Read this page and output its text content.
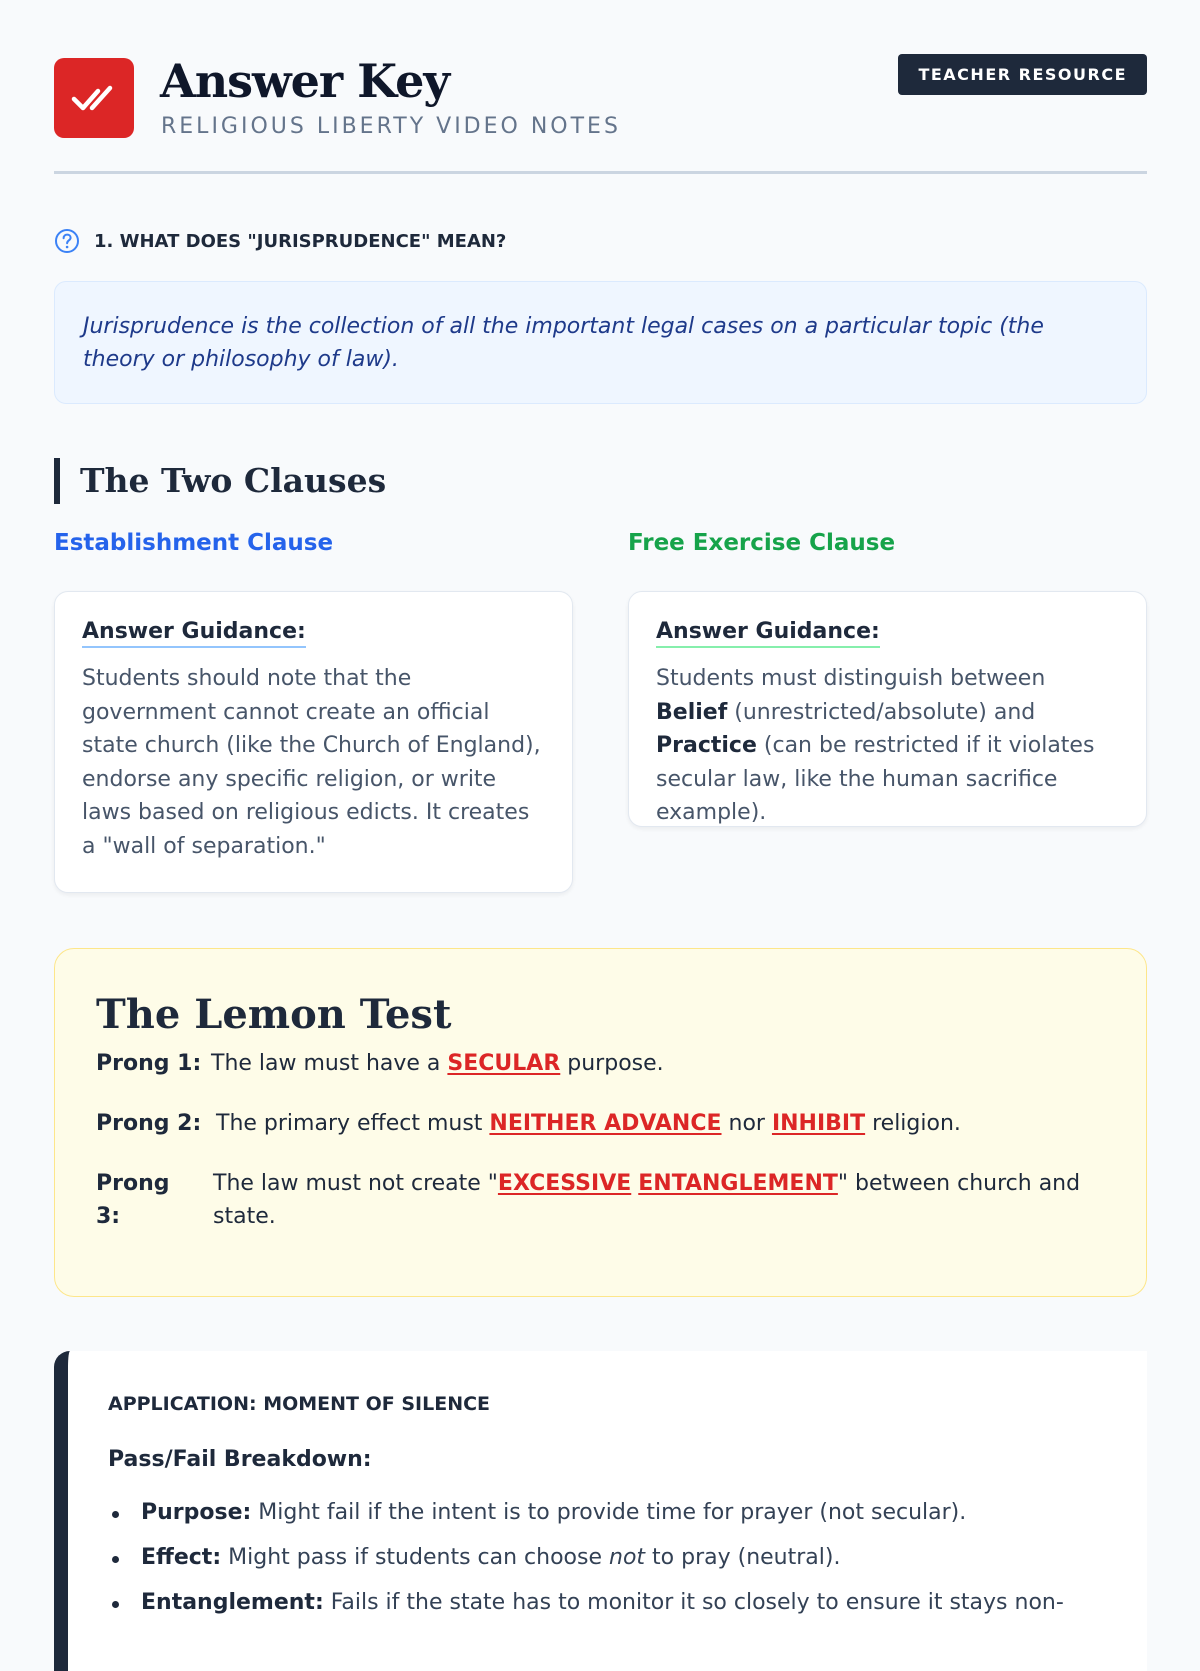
Answer Key
RELIGIOUS LIBERTY VIDEO NOTES
TEACHER RESOURCE
1. WHAT DOES "JURISPRUDENCE" MEAN?

Jurisprudence is the collection of all the important legal cases on a particular topic (the theory or philosophy of law).

The Two Clauses
Establishment Clause	Free Exercise Clause
Answer Guidance:

Students should note that the government cannot create an official state church (like the Church of England), endorse any specific religion, or write laws based on religious edicts. It creates a "wall of separation."

Answer Guidance:

Students must distinguish between Belief (unrestricted/absolute) and Practice (can be restricted if it violates secular law, like the human sacrifice example).

The Lemon Test
Prong 1: The law must have a SECULAR purpose.
Prong 2: The primary effect must NEITHER ADVANCE nor INHIBIT religion.
Prong
3:
The law must not create "EXCESSIVE ENTANGLEMENT" between church and
state.
APPLICATION: MOMENT OF SILENCE
Pass/Fail Breakdown:
Purpose: Might fail if the intent is to provide time for prayer (not secular).
Effect: Might pass if students can choose not to pray (neutral).
Entanglement: Fails if the state has to monitor it so closely to ensure it stays non-
